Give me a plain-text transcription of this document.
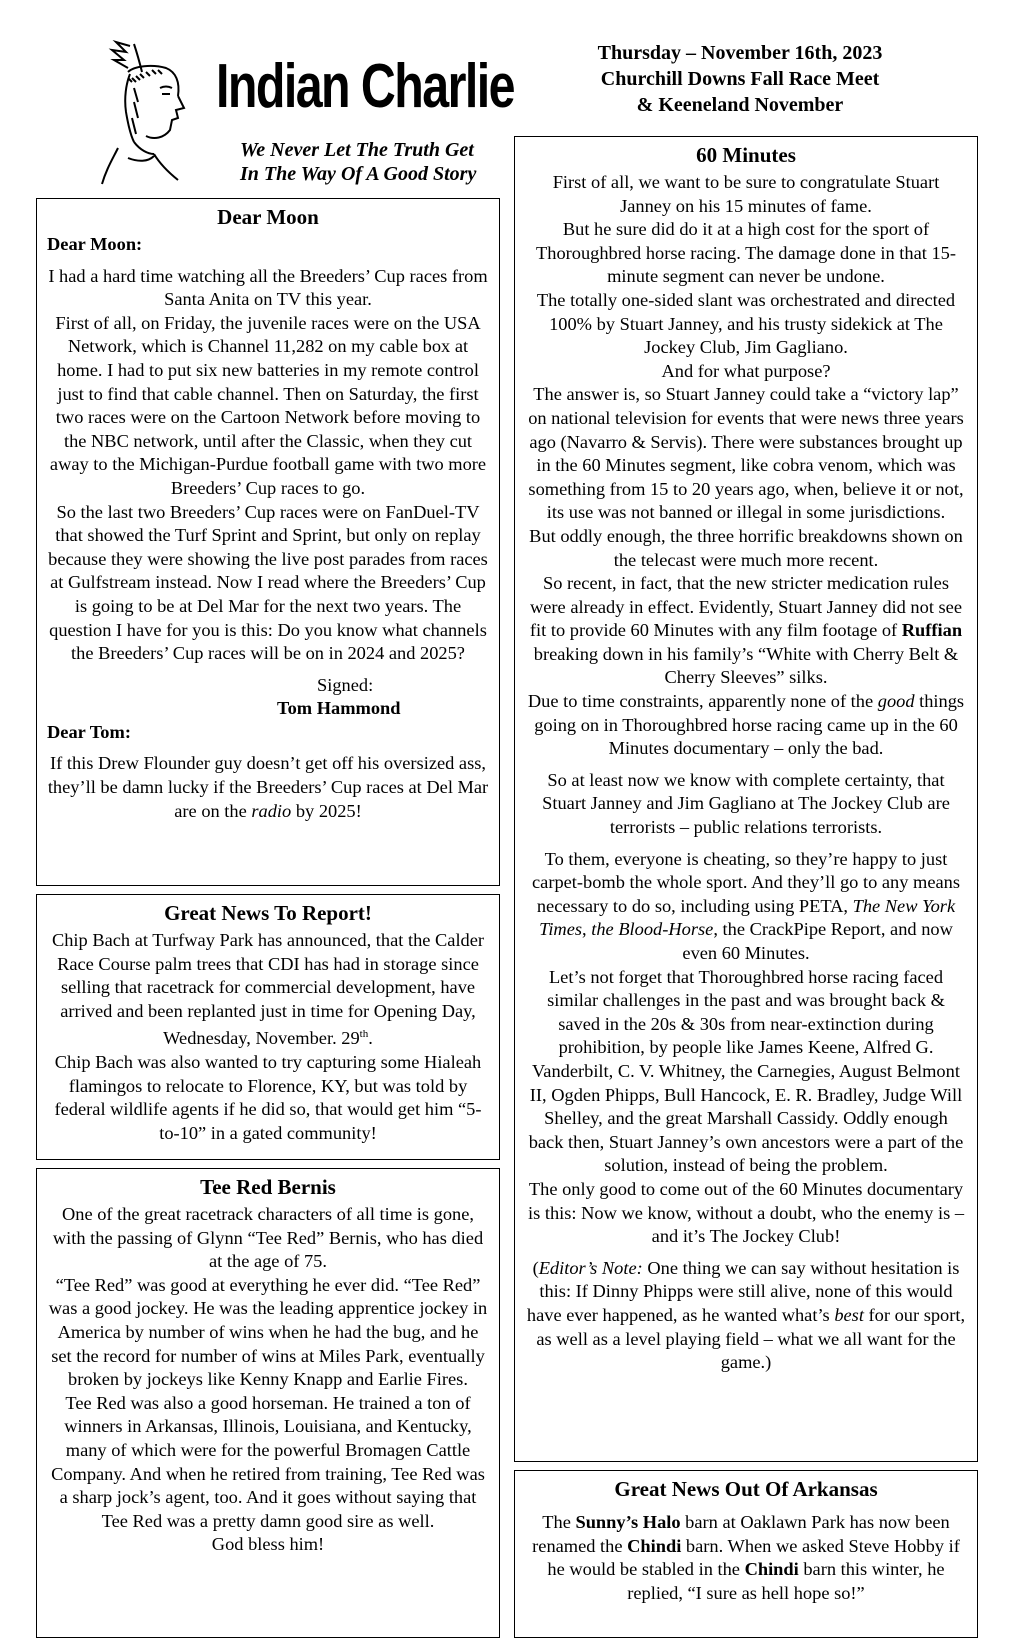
Indian Charlie
We Never Let The Truth Get
In The Way Of A Good Story
Thursday – November 16th, 2023
Churchill Downs Fall Race Meet
& Keeneland November
Dear Moon

Dear Moon:

I had a hard time watching all the Breeders’ Cup races from Santa Anita on TV this year.

First of all, on Friday, the juvenile races were on the USA Network, which is Channel 11,282 on my cable box at home. I had to put six new batteries in my remote control just to find that cable channel. Then on Saturday, the first two races were on the Cartoon Network before moving to the NBC network, until after the Classic, when they cut away to the Michigan-Purdue football game with two more Breeders’ Cup races to go.

So the last two Breeders’ Cup races were on FanDuel-TV that showed the Turf Sprint and Sprint, but only on replay because they were showing the live post parades from races at Gulfstream instead. Now I read where the Breeders’ Cup is going to be at Del Mar for the next two years. The question I have for you is this: Do you know what channels the Breeders’ Cup races will be on in 2024 and 2025?

Signed:

Tom Hammond

Dear Tom:

If this Drew Flounder guy doesn’t get off his oversized ass, they’ll be damn lucky if the Breeders’ Cup races at Del Mar are on the radio by 2025!

Great News To Report!

Chip Bach at Turfway Park has announced, that the Calder Race Course palm trees that CDI has had in storage since selling that racetrack for commercial development, have arrived and been replanted just in time for Opening Day, Wednesday, November. 29th.

Chip Bach was also wanted to try capturing some Hialeah flamingos to relocate to Florence, KY, but was told by federal wildlife agents if he did so, that would get him “5-to-10” in a gated community!

Tee Red Bernis

One of the great racetrack characters of all time is gone, with the passing of Glynn “Tee Red” Bernis, who has died at the age of 75.

“Tee Red” was good at everything he ever did. “Tee Red” was a good jockey. He was the leading apprentice jockey in America by number of wins when he had the bug, and he set the record for number of wins at Miles Park, eventually broken by jockeys like Kenny Knapp and Earlie Fires.

Tee Red was also a good horseman. He trained a ton of winners in Arkansas, Illinois, Louisiana, and Kentucky, many of which were for the powerful Bromagen Cattle Company. And when he retired from training, Tee Red was a sharp jock’s agent, too. And it goes without saying that Tee Red was a pretty damn good sire as well.

God bless him!

60 Minutes

First of all, we want to be sure to congratulate Stuart Janney on his 15 minutes of fame.

But he sure did do it at a high cost for the sport of Thoroughbred horse racing. The damage done in that 15-minute segment can never be undone.

The totally one-sided slant was orchestrated and directed 100% by Stuart Janney, and his trusty sidekick at The Jockey Club, Jim Gagliano.

And for what purpose?

The answer is, so Stuart Janney could take a “victory lap” on national television for events that were news three years ago (Navarro & Servis). There were substances brought up in the 60 Minutes segment, like cobra venom, which was something from 15 to 20 years ago, when, believe it or not, its use was not banned or illegal in some jurisdictions.

But oddly enough, the three horrific breakdowns shown on the telecast were much more recent.

So recent, in fact, that the new stricter medication rules were already in effect. Evidently, Stuart Janney did not see fit to provide 60 Minutes with any film footage of Ruffian breaking down in his family’s “White with Cherry Belt & Cherry Sleeves” silks.

Due to time constraints, apparently none of the good things going on in Thoroughbred horse racing came up in the 60 Minutes documentary – only the bad.

So at least now we know with complete certainty, that Stuart Janney and Jim Gagliano at The Jockey Club are terrorists – public relations terrorists.

To them, everyone is cheating, so they’re happy to just carpet-bomb the whole sport. And they’ll go to any means necessary to do so, including using PETA, The New York Times, the Blood-Horse, the CrackPipe Report, and now even 60 Minutes.

Let’s not forget that Thoroughbred horse racing faced similar challenges in the past and was brought back & saved in the 20s & 30s from near-extinction during prohibition, by people like James Keene, Alfred G. Vanderbilt, C. V. Whitney, the Carnegies, August Belmont II, Ogden Phipps, Bull Hancock, E. R. Bradley, Judge Will Shelley, and the great Marshall Cassidy. Oddly enough back then, Stuart Janney’s own ancestors were a part of the solution, instead of being the problem.

The only good to come out of the 60 Minutes documentary is this: Now we know, without a doubt, who the enemy is – and it’s The Jockey Club!

(Editor’s Note: One thing we can say without hesitation is this: If Dinny Phipps were still alive, none of this would have ever happened, as he wanted what’s best for our sport, as well as a level playing field – what we all want for the game.)

Great News Out Of Arkansas

The Sunny’s Halo barn at Oaklawn Park has now been renamed the Chindi barn. When we asked Steve Hobby if he would be stabled in the Chindi barn this winter, he replied, “I sure as hell hope so!”
